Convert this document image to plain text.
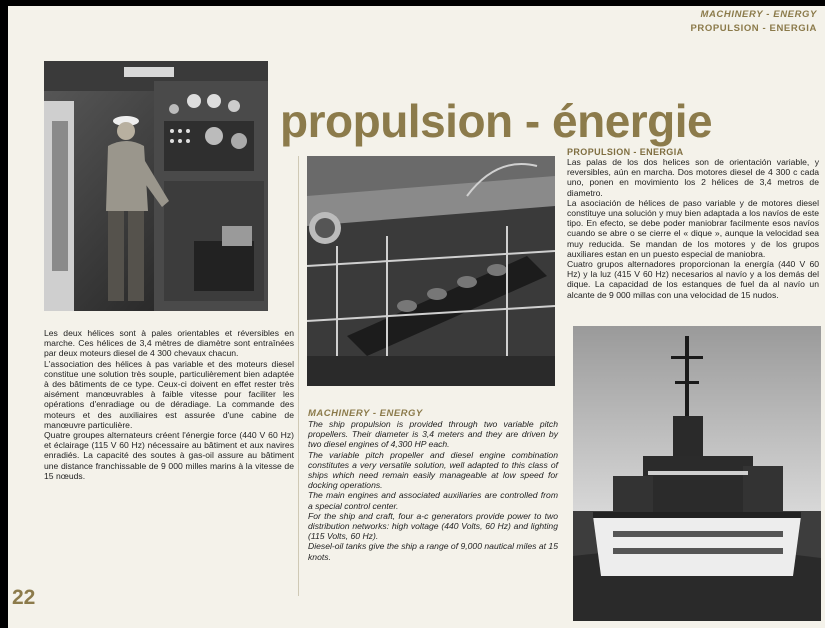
MACHINERY - ENERGY
PROPULSION - ENERGIA
propulsion - énergie

Les deux hélices sont à pales orientables et réversibles en marche. Ces hélices de 3,4 mètres de diamètre sont entraînées par deux moteurs diesel de 4 300 chevaux chacun.

L'association des hélices à pas variable et des moteurs diesel constitue une solution très souple, particulièrement bien adaptée à des bâtiments de ce type. Ceux-ci doivent en effet rester très aisément manœuvrables à faible vitesse pour faciliter les opérations d'enradiage ou de déradiage. La commande des moteurs et des auxiliaires est assurée d'une cabine de manœuvre particulière.

Quatre groupes alternateurs créent l'énergie force (440 V 60 Hz) et éclairage (115 V 60 Hz) nécessaire au bâtiment et aux navires enradiés. La capacité des soutes à gas-oil assure au bâtiment une distance franchissable de 9 000 milles marins à la vitesse de 15 nœuds.

PROPULSION - ENERGIA

Las palas de los dos helices son de orientación variable, y reversibles, aún en marcha. Dos motores diesel de 4 300 c cada uno, ponen en movimiento los 2 hélices de 3,4 metros de diametro.

La asociación de hélices de paso variable y de motores diesel constituye una solución y muy bien adaptada a los navíos de este tipo. En efecto, se debe poder maniobrar facilmente esos navíos cuando se abre o se cierre el « dique », aunque la velocidad sea muy reducida. Se mandan de los motores y de los grupos auxiliares estan en un puesto especial de maniobra.

Cuatro grupos alternadores proporcionan la energía (440 V 60 Hz) y la luz (415 V 60 Hz) necesarios al navío y a los demás del dique. La capacidad de los estanques de fuel da al navío un alcante de 9 000 millas con una velocidad de 15 nudos.

MACHINERY - ENERGY

The ship propulsion is provided through two variable pitch propellers. Their diameter is 3,4 meters and they are driven by two diesel engines of 4,300 HP each.

The variable pitch propeller and diesel engine combination constitutes a very versatile solution, well adapted to this class of ships which need remain easily manageable at low speed for docking operations.

The main engines and associated auxiliaries are controlled from a special control center.

For the ship and craft, four a-c generators provide power to two distribution networks: high voltage (440 Volts, 60 Hz) and lighting (115 Volts, 60 Hz).

Diesel-oil tanks give the ship a range of 9,000 nautical miles at 15 knots.

22
